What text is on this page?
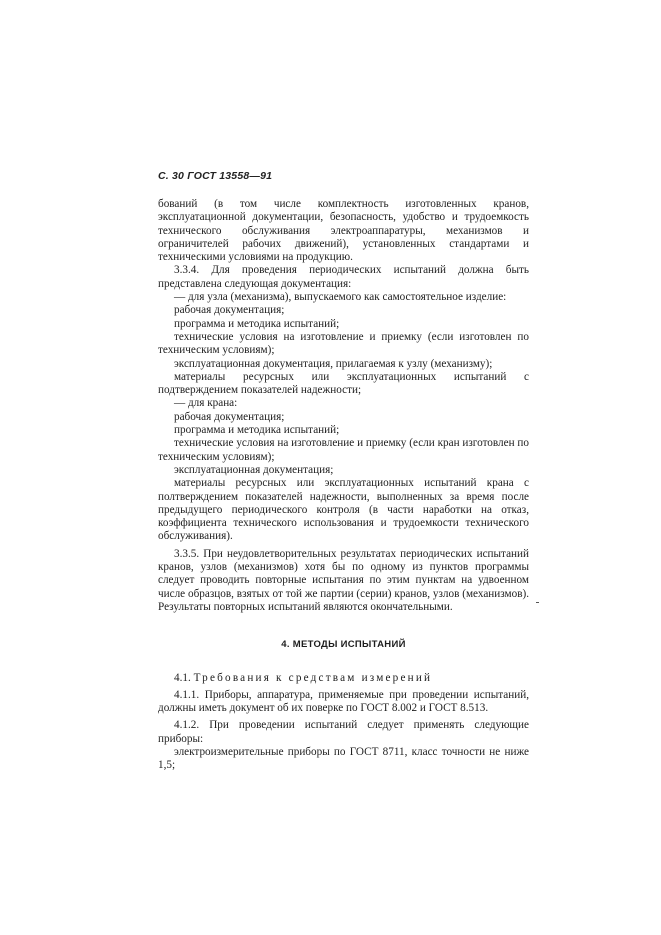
С. 30 ГОСТ 13558—91

бований (в том числе комплектность изготовленных кранов, эксплуатационной документации, безопасность, удобство и трудоемкость технического обслуживания электроаппаратуры, механизмов и ограничителей рабочих движений), установленных стандартами и техническими условиями на продукцию.

3.3.4. Для проведения периодических испытаний должна быть представлена следующая документация:

— для узла (механизма), выпускаемого как самостоятельное изделие:

рабочая документация;

программа и методика испытаний;

технические условия на изготовление и приемку (если изготовлен по техническим условиям);

эксплуатационная документация, прилагаемая к узлу (механизму);

материалы ресурсных или эксплуатационных испытаний с подтверждением показателей надежности;

— для крана:

рабочая документация;

программа и методика испытаний;

технические условия на изготовление и приемку (если кран изготовлен по техническим условиям);

эксплуатационная документация;

материалы ресурсных или эксплуатационных испытаний крана с полтверждением показателей надежности, выполненных за время после предыдущего периодического контроля (в части наработки на отказ, коэффициента технического использования и трудоемкости технического обслуживания).

3.3.5. При неудовлетворительных результатах периодических испытаний кранов, узлов (механизмов) хотя бы по одному из пунктов программы следует проводить повторные испытания по этим пунктам на удвоенном числе образцов, взятых от той же партии (серии) кранов, узлов (механизмов). Результаты повторных испытаний являются окончательными.

4. МЕТОДЫ ИСПЫТАНИЙ

4.1. Требования к средствам измерений

4.1.1. Приборы, аппаратура, применяемые при проведении испытаний, должны иметь документ об их поверке по ГОСТ 8.002 и ГОСТ 8.513.

4.1.2. При проведении испытаний следует применять следующие приборы:

электроизмерительные приборы по ГОСТ 8711, класс точности не ниже 1,5;
